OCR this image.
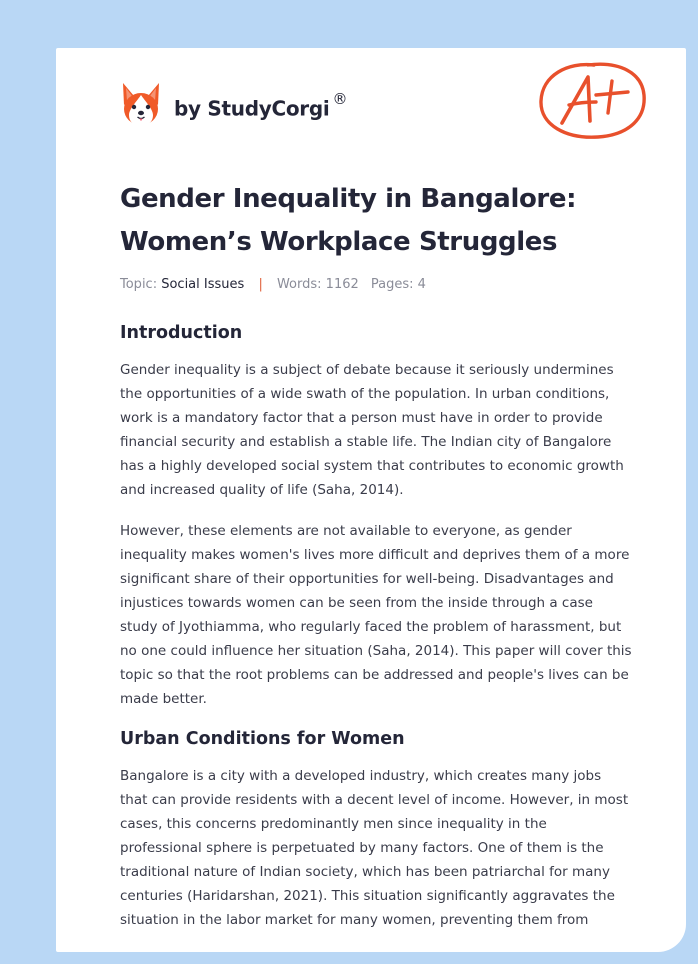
by StudyCorgi ®
Gender Inequality in Bangalore: Women’s Workplace Struggles
Topic: Social Issues | Words: 1162 Pages: 4
Introduction

Gender inequality is a subject of debate because it seriously undermines the opportunities of a wide swath of the population. In urban conditions, work is a mandatory factor that a person must have in order to provide financial security and establish a stable life. The Indian city of Bangalore has a highly developed social system that contributes to economic growth and increased quality of life (Saha, 2014).

However, these elements are not available to everyone, as gender inequality makes women's lives more difficult and deprives them of a more significant share of their opportunities for well-being. Disadvantages and injustices towards women can be seen from the inside through a case study of Jyothiamma, who regularly faced the problem of harassment, but no one could influence her situation (Saha, 2014). This paper will cover this topic so that the root problems can be addressed and people's lives can be made better.

Urban Conditions for Women

Bangalore is a city with a developed industry, which creates many jobs that can provide residents with a decent level of income. However, in most cases, this concerns predominantly men since inequality in the professional sphere is perpetuated by many factors. One of them is the traditional nature of Indian society, which has been patriarchal for many centuries (Haridarshan, 2021). This situation significantly aggravates the situation in the labor market for many women, preventing them from
